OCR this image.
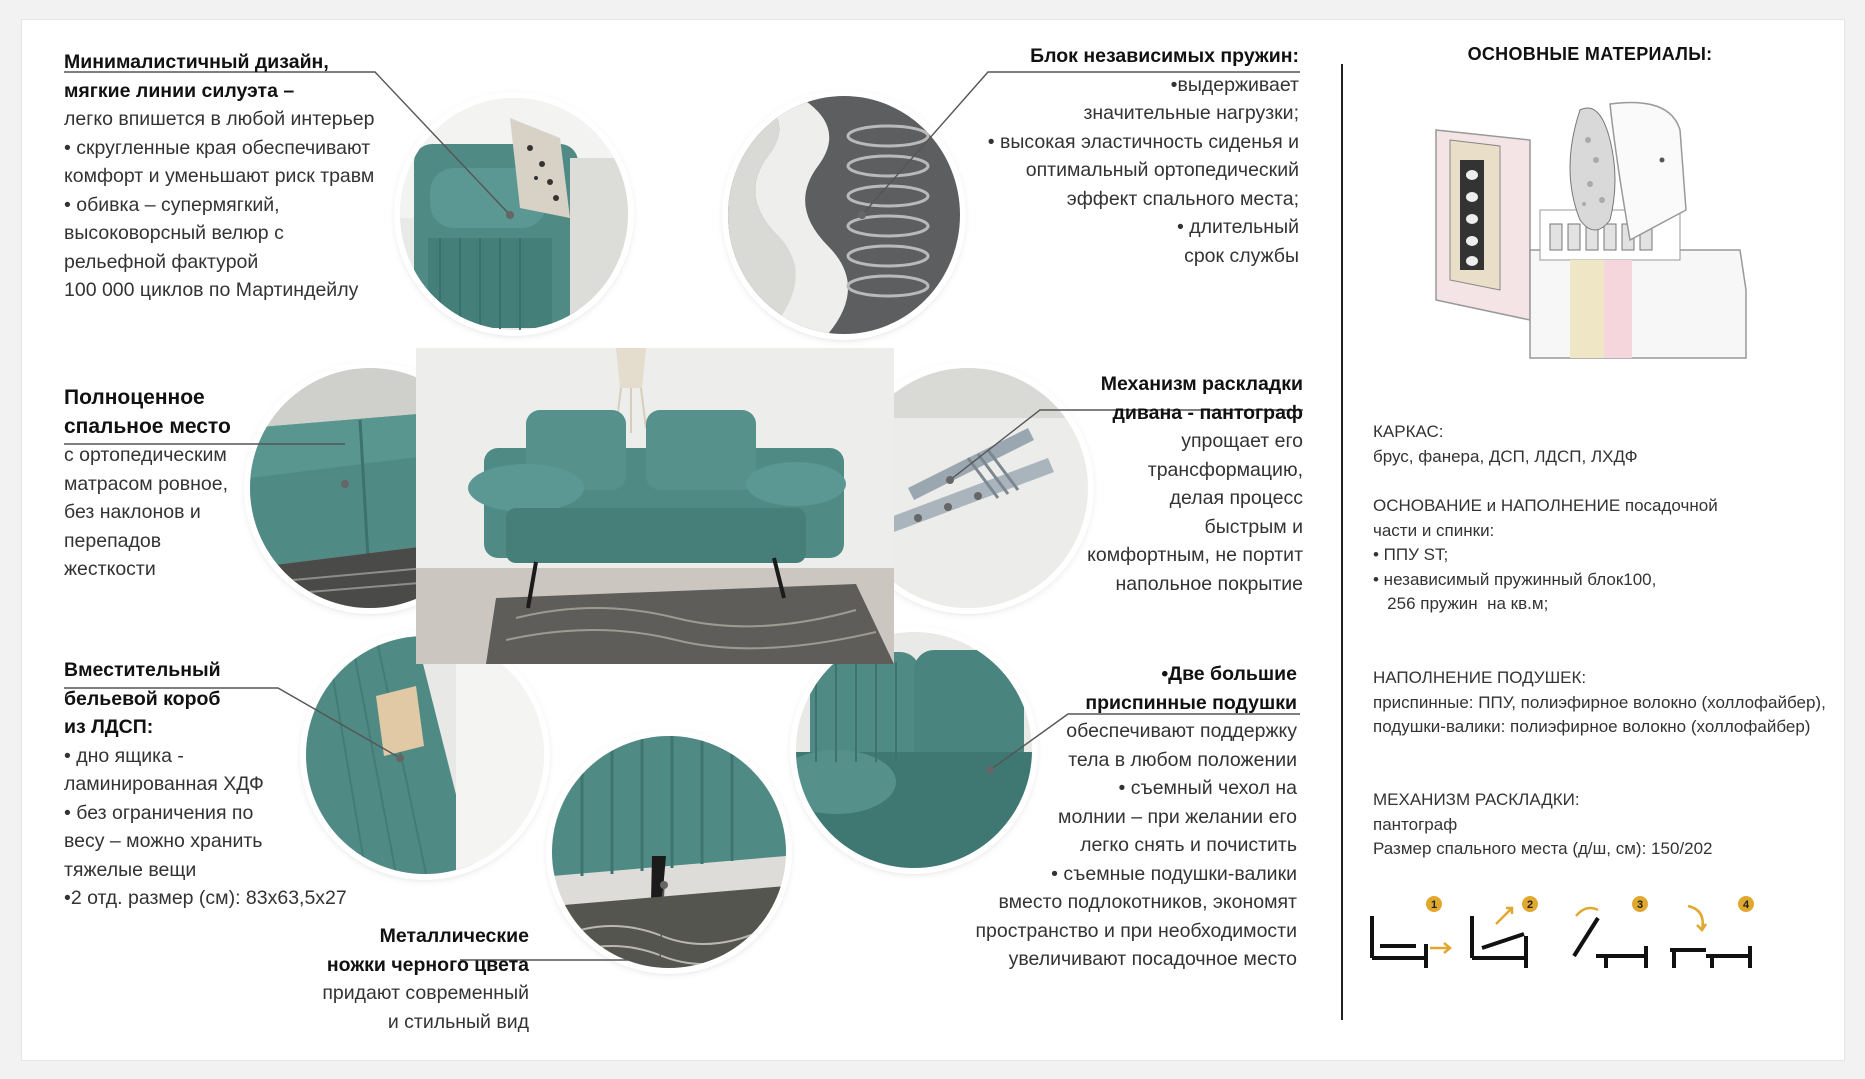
Минималистичный дизайн,
мягкие линии силуэта –
легко впишется в любой интерьер
• скругленные края обеспечивают
комфорт и уменьшают риск травм
• обивка – супермягкий,
высоковорсный велюр с
рельефной фактурой
100 000 циклов по Мартиндейлу
Блок независимых пружин:
•выдерживает
значительные нагрузки;
• высокая эластичность сиденья и
оптимальный ортопедический
эффект спального места;
• длительный
срок службы
Полноценное
спальное место
с ортопедическим
матрасом ровное,
без наклонов и
перепадов
жесткости
Механизм раскладки
дивана - пантограф
упрощает его
трансформацию,
делая процесс
быстрым и
комфортным, не портит
напольное покрытие
Вместительный
бельевой короб
из ЛДСП:
• дно ящика -
ламинированная ХДФ
• без ограничения по
весу – можно хранить
тяжелые вещи
•2 отд. размер (см): 83х63,5х27
Металлические
ножки черного цвета
придают современный
и стильный вид
•Две большие
приспинные подушки
обеспечивают поддержку
тела в любом положении
• съемный чехол на
молнии – при желании его
легко снять и почистить
• съемные подушки-валики
вместо подлокотников, экономят
пространство и при необходимости
увеличивают посадочное место
ОСНОВНЫЕ МАТЕРИАЛЫ:
КАРКАС:
брус, фанера, ДСП, ЛДСП, ЛХДФ
ОСНОВАНИЕ и НАПОЛНЕНИЕ посадочной
части и спинки:
• ППУ ST;
• независимый пружинный блок100,
256 пружин  на кв.м;
НАПОЛНЕНИЕ ПОДУШЕК:
приспинные: ППУ, полиэфирное волокно (холлофайбер),
подушки-валики: полиэфирное волокно (холлофайбер)
МЕХАНИЗМ РАСКЛАДКИ:
пантограф
Размер спального места (д/ш, см): 150/202
1	2	3	4
